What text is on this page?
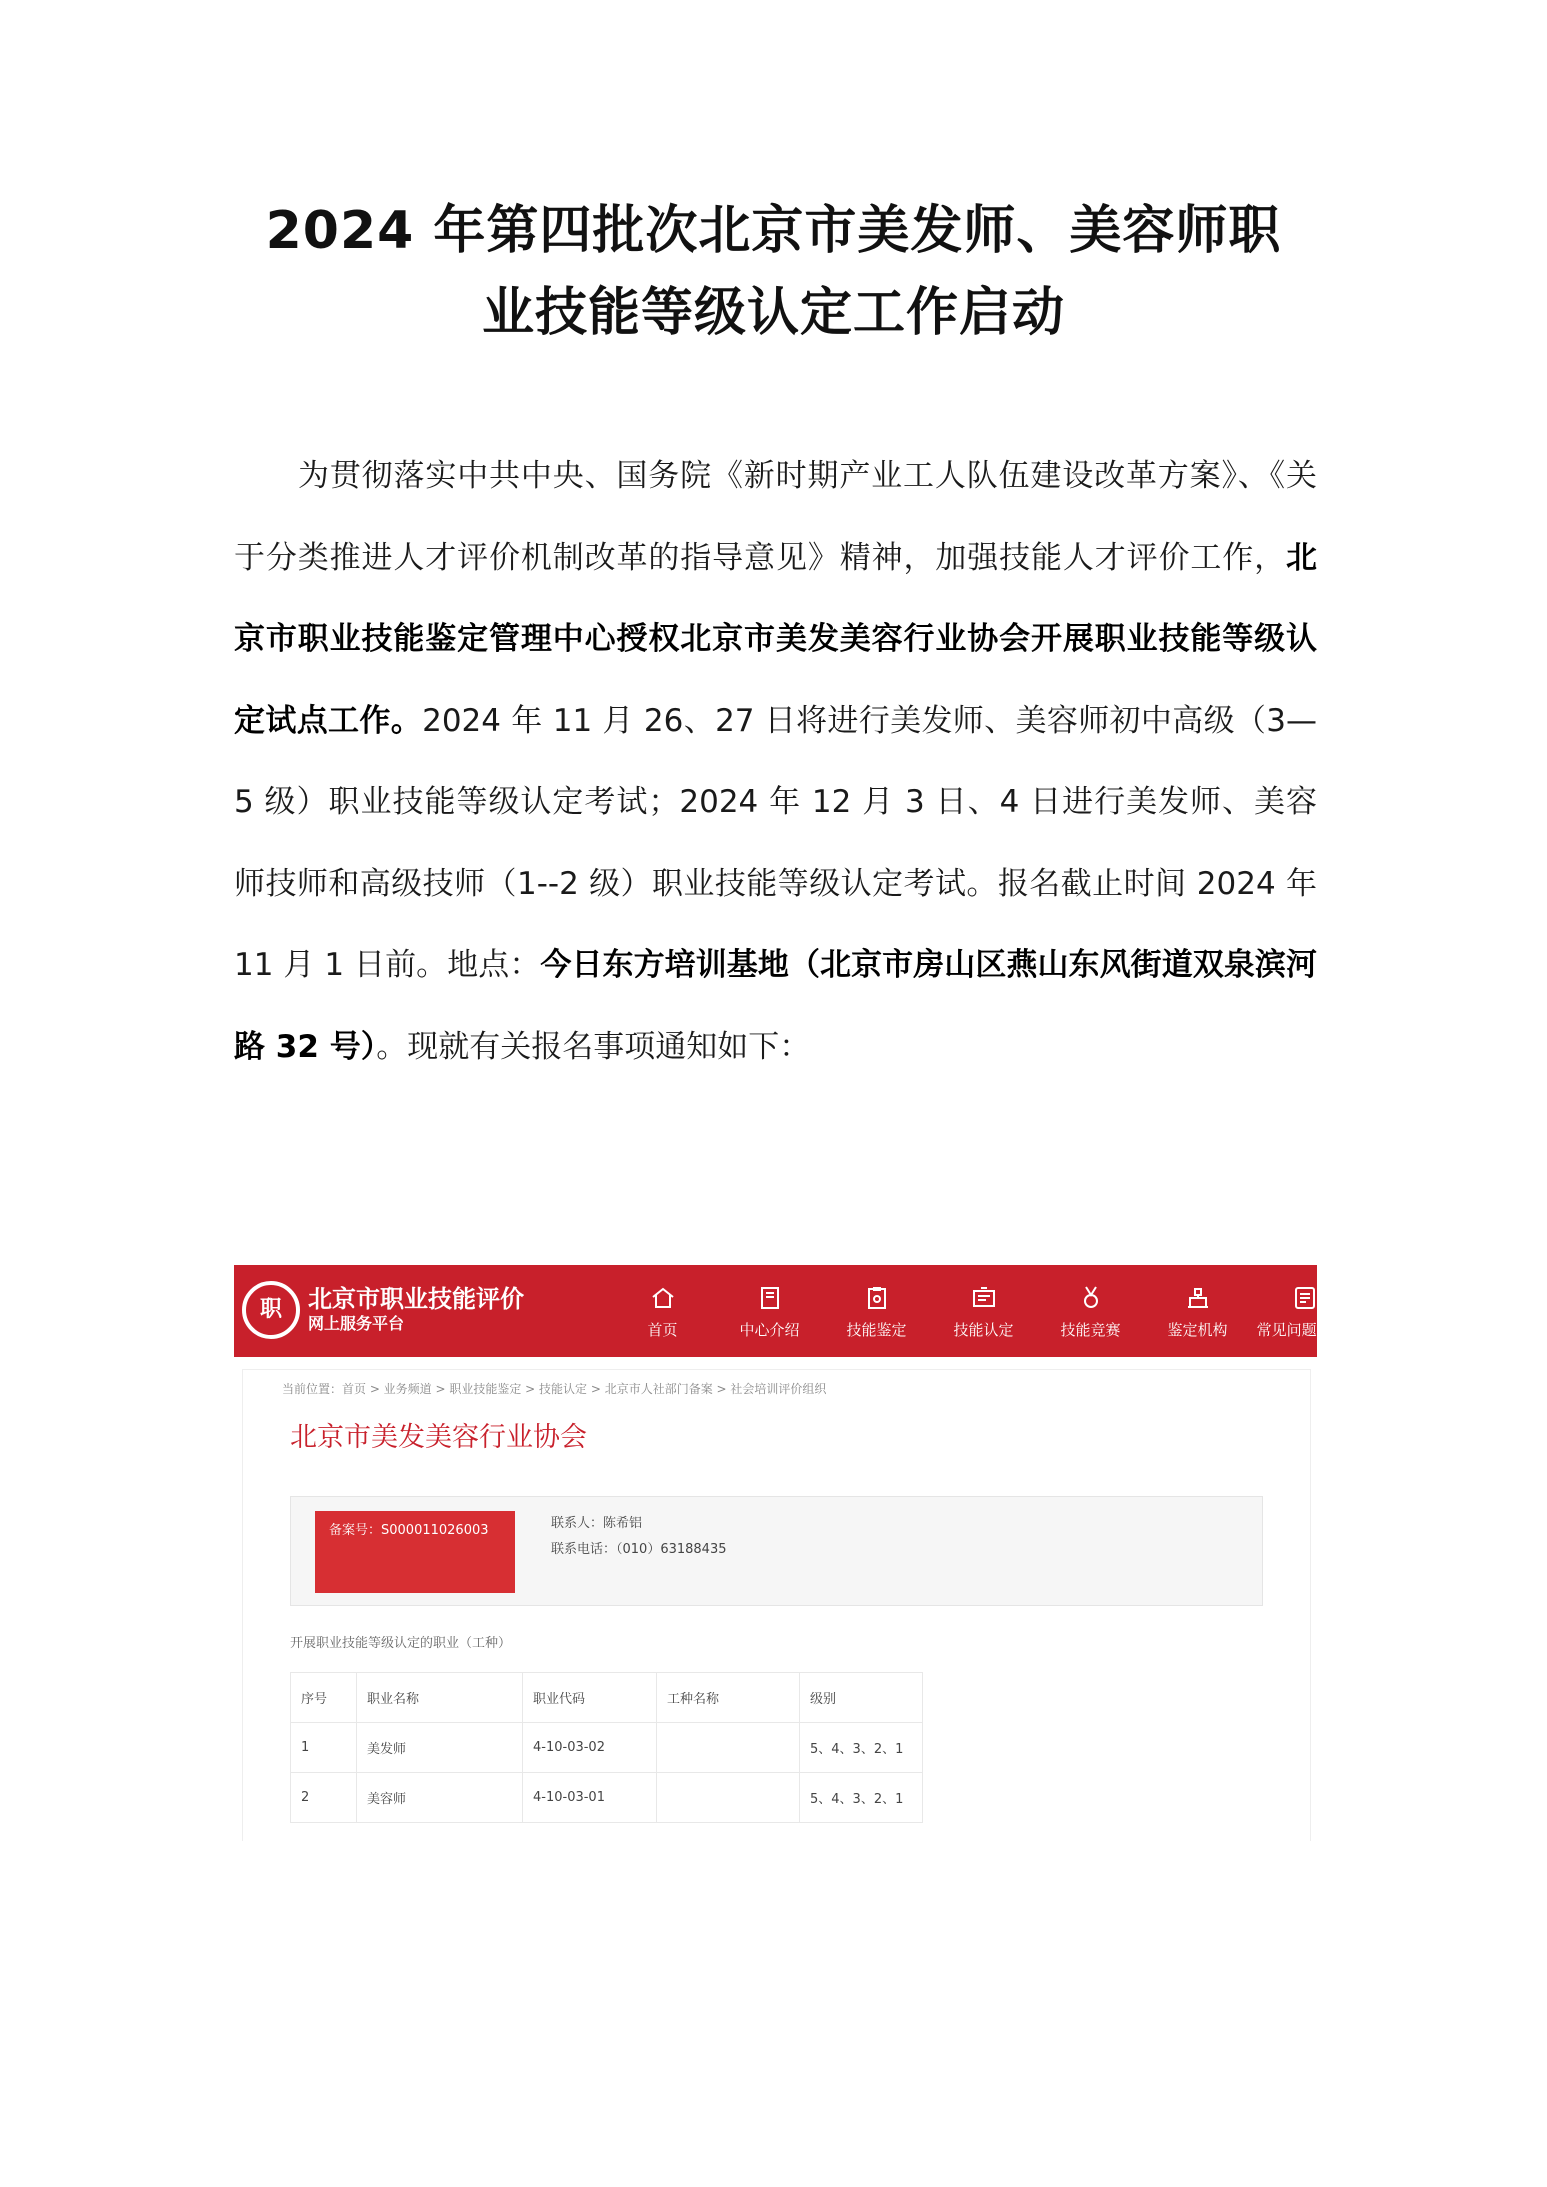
2024 年第四批次北京市美发师、美容师职
业技能等级认定工作启动

为贯彻落实中共中央、国务院《新时期产业工人队伍建设改革方案》、《关于分类推进人才评价机制改革的指导意见》精神，加强技能人才评价工作，北京市职业技能鉴定管理中心授权北京市美发美容行业协会开展职业技能等级认定试点工作。2024 年 11 月 26、27 日将进行美发师、美容师初中高级（3—5 级）职业技能等级认定考试；2024 年 12 月 3 日、4 日进行美发师、美容师技师和高级技师（1--2 级）职业技能等级认定考试。报名截止时间 2024 年 11 月 1 日前。地点：今日东方培训基地（北京市房山区燕山东风街道双泉滨河路 32 号）。现就有关报名事项通知如下：

职	北京市职业技能评价
网上服务平台	首页	中心介绍	技能鉴定	技能认定	技能竞赛	鉴定机构	常见问题(已归
当前位置：首页 > 业务频道 > 职业技能鉴定 > 技能认定 > 北京市人社部门备案 > 社会培训评价组织
北京市美发美容行业协会
备案号：S000011026003	联系人：陈希铝
联系电话：（010）63188435
开展职业技能等级认定的职业（工种）
序号	职业名称	职业代码	工种名称	级别
1	美发师	4-10-03-02		5、4、3、2、1
2	美容师	4-10-03-01		5、4、3、2、1
